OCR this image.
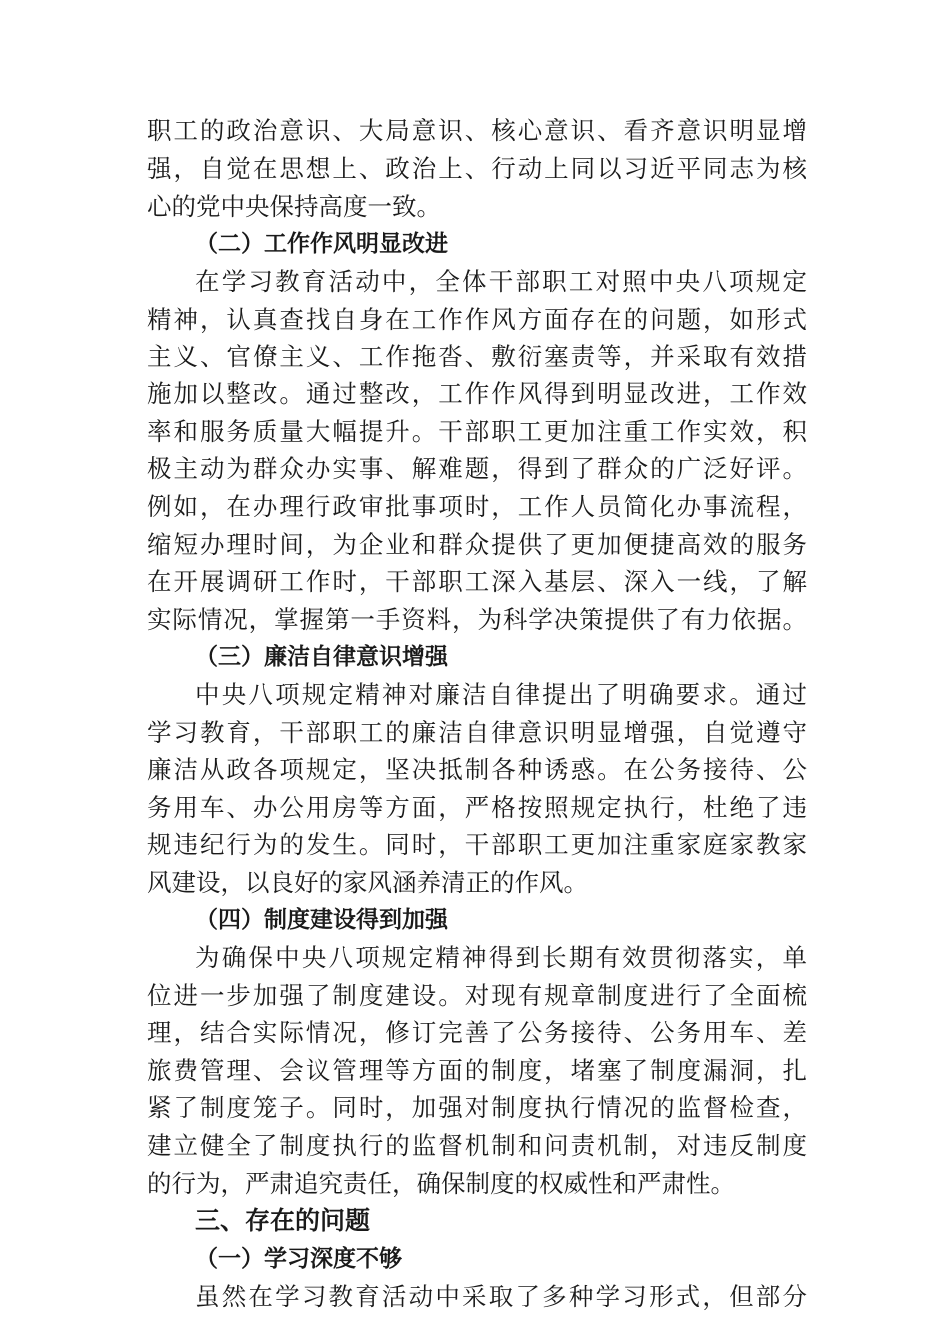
职工的政治意识、大局意识、核心意识、看齐意识明显增
强，自觉在思想上、政治上、行动上同以习近平同志为核
心的党中央保持高度一致。
（二）工作作风明显改进
在学习教育活动中，全体干部职工对照中央八项规定
精神，认真查找自身在工作作风方面存在的问题，如形式
主义、官僚主义、工作拖沓、敷衍塞责等，并采取有效措
施加以整改。通过整改，工作作风得到明显改进，工作效
率和服务质量大幅提升。干部职工更加注重工作实效，积
极主动为群众办实事、解难题，得到了群众的广泛好评。
例如，在办理行政审批事项时，工作人员简化办事流程，
缩短办理时间，为企业和群众提供了更加便捷高效的服务
在开展调研工作时，干部职工深入基层、深入一线，了解
实际情况，掌握第一手资料，为科学决策提供了有力依据。
（三）廉洁自律意识增强
中央八项规定精神对廉洁自律提出了明确要求。通过
学习教育，干部职工的廉洁自律意识明显增强，自觉遵守
廉洁从政各项规定，坚决抵制各种诱惑。在公务接待、公
务用车、办公用房等方面，严格按照规定执行，杜绝了违
规违纪行为的发生。同时，干部职工更加注重家庭家教家
风建设，以良好的家风涵养清正的作风。
（四）制度建设得到加强
为确保中央八项规定精神得到长期有效贯彻落实，单
位进一步加强了制度建设。对现有规章制度进行了全面梳
理，结合实际情况，修订完善了公务接待、公务用车、差
旅费管理、会议管理等方面的制度，堵塞了制度漏洞，扎
紧了制度笼子。同时，加强对制度执行情况的监督检查，
建立健全了制度执行的监督机制和问责机制，对违反制度
的行为，严肃追究责任，确保制度的权威性和严肃性。
三、存在的问题
（一）学习深度不够
虽然在学习教育活动中采取了多种学习形式，但部分
